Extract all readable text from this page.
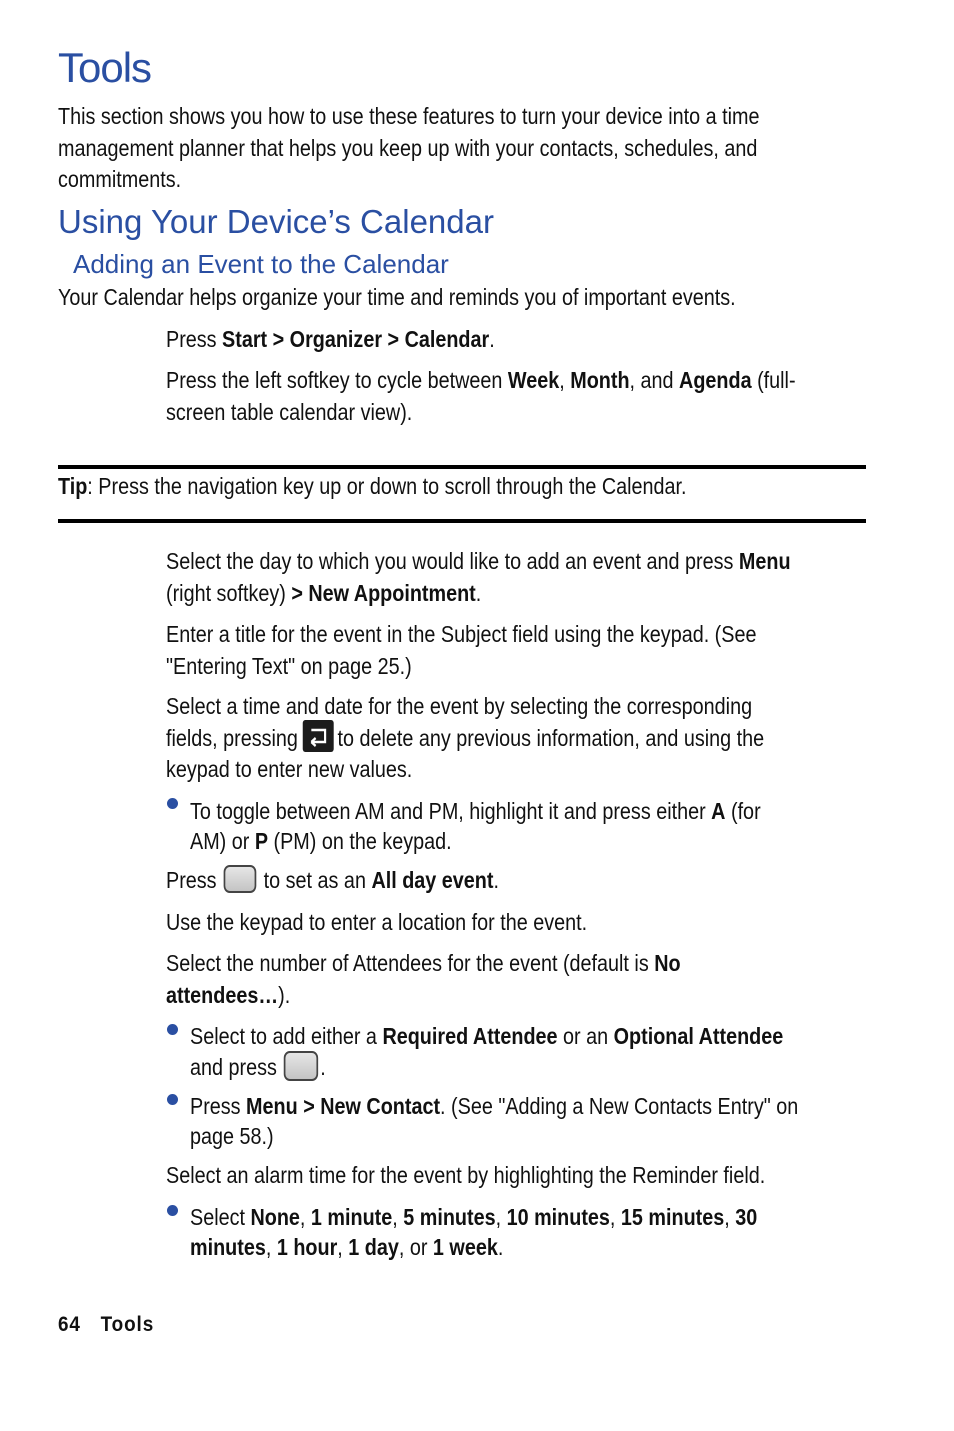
Tools
This section shows you how to use these features to turn your device into a time
management planner that helps you keep up with your contacts, schedules, and
commitments.
Using Your Device’s Calendar
Adding an Event to the Calendar
Your Calendar helps organize your time and reminds you of important events.
Press Start > Organizer > Calendar.
Press the left softkey to cycle between Week, Month, and Agenda (full-
screen table calendar view).
Tip: Press the navigation key up or down to scroll through the Calendar.
Select the day to which you would like to add an event and press Menu
(right softkey) > New Appointment.
Enter a title for the event in the Subject field using the keypad. (See
"Entering Text" on page 25.)
Select a time and date for the event by selecting the corresponding
fields, pressing to delete any previous information, and using the
keypad to enter new values.
To toggle between AM and PM, highlight it and press either A (for
AM) or P (PM) on the keypad.
Press to set as an All day event.
Use the keypad to enter a location for the event.
Select the number of Attendees for the event (default is No
attendees…).
Select to add either a Required Attendee or an Optional Attendee
and press .
Press Menu > New Contact. (See "Adding a New Contacts Entry" on
page 58.)
Select an alarm time for the event by highlighting the Reminder field.
Select None, 1 minute, 5 minutes, 10 minutes, 15 minutes, 30
minutes, 1 hour, 1 day, or 1 week.
64 Tools
